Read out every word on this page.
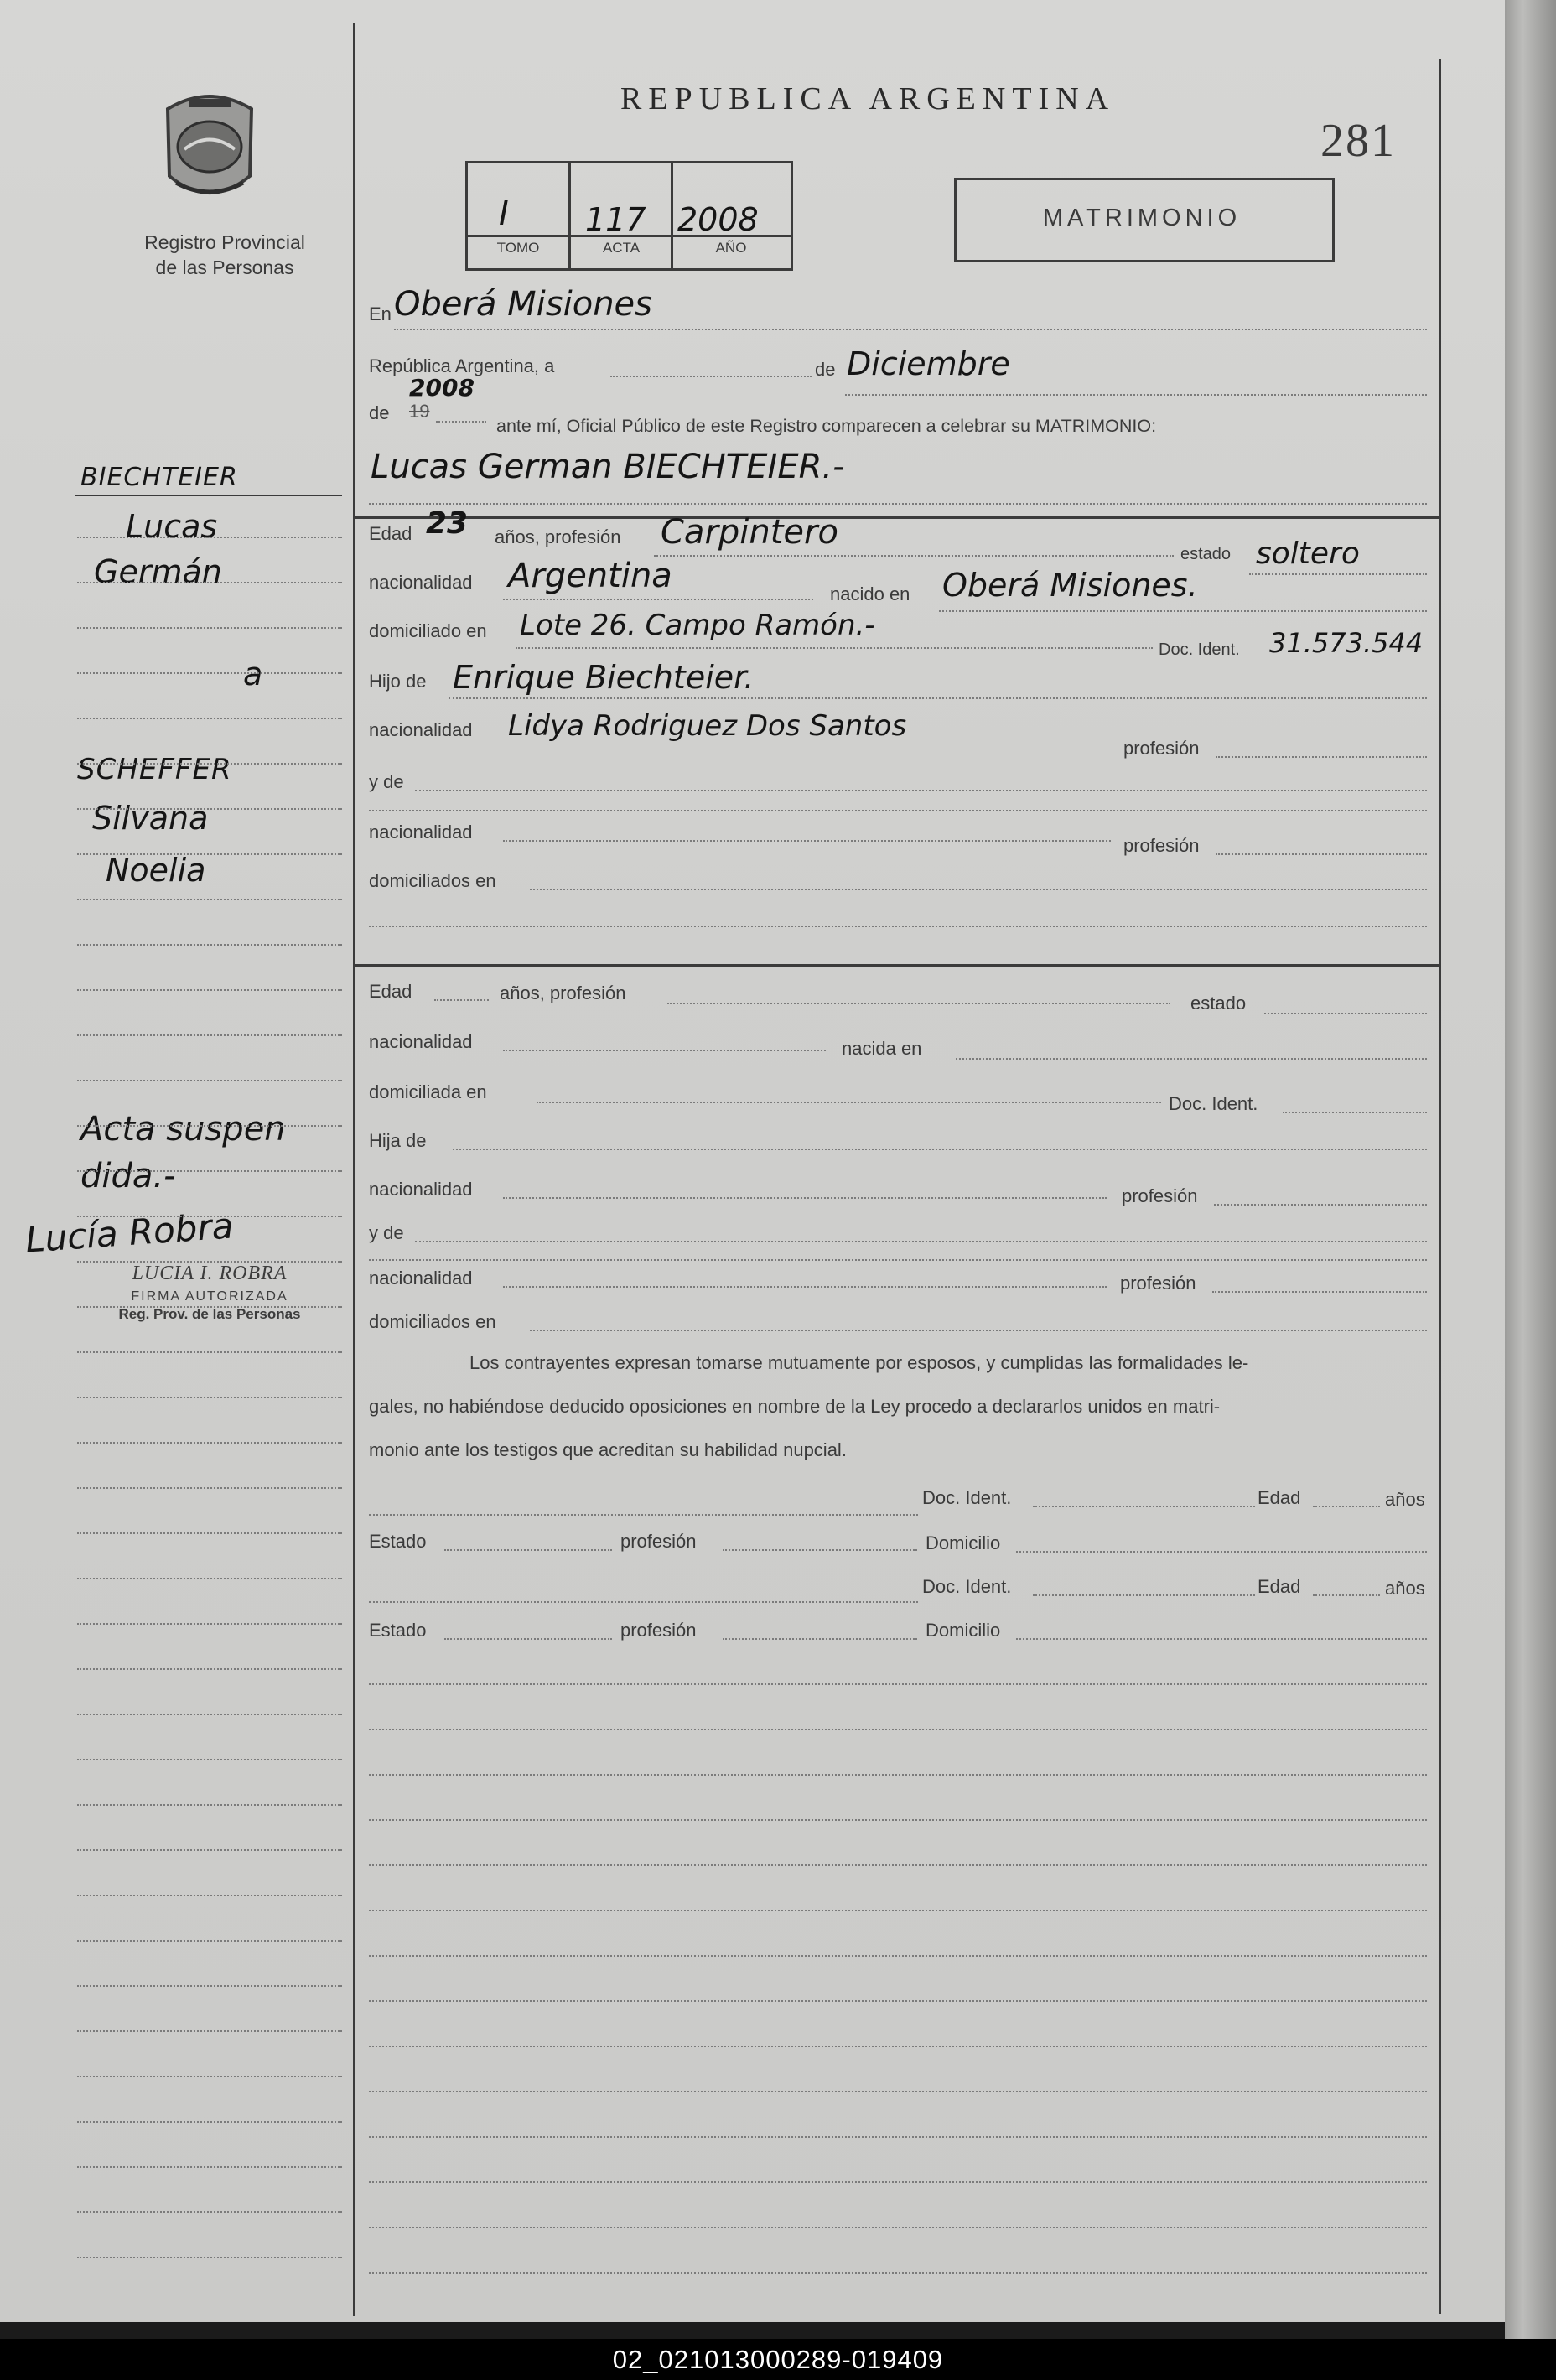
REPUBLICA ARGENTINA
281
Registro Provincial
de las Personas
I 117 2008
TOMO	ACTA	AÑO
MATRIMONIO
En Oberá Misiones
República Argentina, a	de Diciembre
2008
de 19
ante mí, Oficial Público de este Registro comparecen a celebrar su MATRIMONIO:
Lucas German BIECHTEIER.-
Edad 23 años, profesión Carpintero
estado soltero
nacionalidad Argentina	nacido en Oberá Misiones.
domiciliado en Lote 26. Campo Ramón.-
Doc. Ident. 31.573.544
Hijo de Enrique Biechteier.
nacionalidad Lidya Rodriguez Dos Santos
profesión
y de
nacionalidad
profesión
domiciliados en
Edad	años, profesión	estado
nacionalidad	nacida en
domiciliada en
Doc. Ident.
Hija de
nacionalidad	profesión
y de
nacionalidad	profesión
domiciliados en
Los contrayentes expresan tomarse mutuamente por esposos, y cumplidas las formalidades le-
gales, no habiéndose deducido oposiciones en nombre de la Ley procedo a declararlos unidos en matri-
monio ante los testigos que acreditan su habilidad nupcial.
Doc. Ident.	Edad	años
Estado	profesión	Domicilio
Doc. Ident.	Edad	años
Estado	profesión	Domicilio
BIECHTEIER
Lucas
Germán
a
SCHEFFER
Silvana
Noelia
Acta suspen
dida.-
Lucía Robra
LUCIA I. ROBRA
FIRMA AUTORIZADA
Reg. Prov. de las Personas
02_021013000289-019409
